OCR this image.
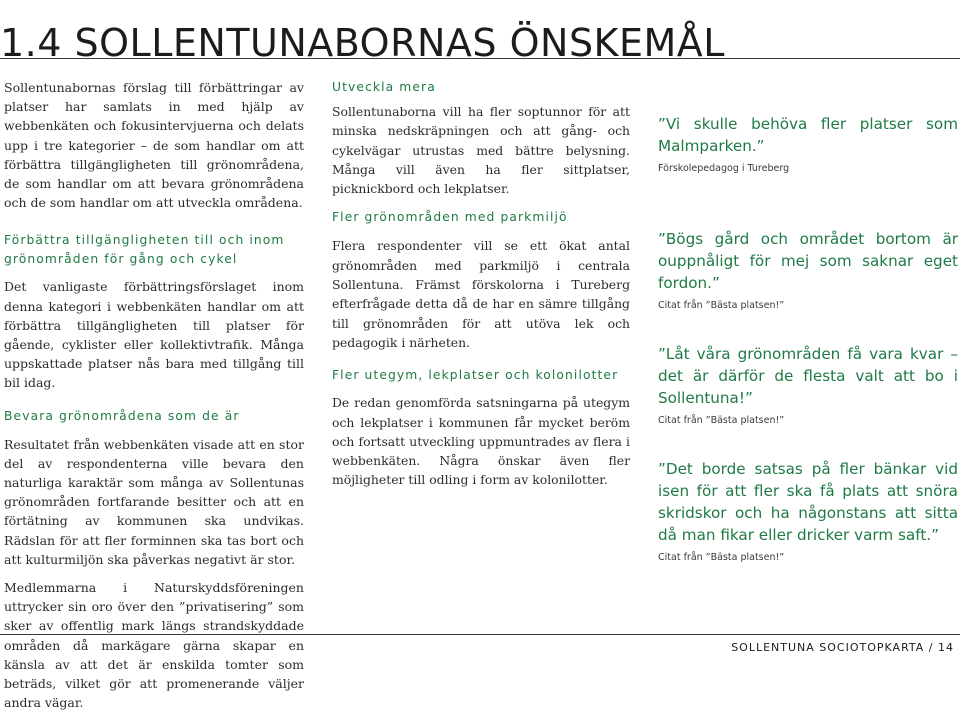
1.4 SOLLENTUNABORNAS ÖNSKEMÅL

Sollentunabornas förslag till förbättringar av platser har samlats in med hjälp av webbenkäten och fokusintervjuerna och delats upp i tre kategorier – de som handlar om att förbättra tillgängligheten till grönområdena, de som handlar om att bevara grönområdena och de som handlar om att utveckla områdena.

Förbättra tillgängligheten till och inom grönområden för gång och cykel

Det vanligaste förbättringsförslaget inom denna kategori i webbenkäten handlar om att förbättra tillgängligheten till platser för gående, cyklister eller kollektivtrafik. Många uppskattade platser nås bara med tillgång till bil idag.

Bevara grönområdena som de är

Resultatet från webbenkäten visade att en stor del av respondenterna ville bevara den naturliga karaktär som många av Sollentunas grönområden fortfarande besitter och att en förtätning av kommunen ska undvikas. Rädslan för att fler forminnen ska tas bort och att kulturmiljön ska påverkas negativt är stor.

Medlemmarna i Naturskyddsföreningen uttrycker sin oro över den ”privatisering” som sker av offentlig mark längs strandskyddade områden då markägare gärna skapar en känsla av att det är enskilda tomter som beträds, vilket gör att promenerande väljer andra vägar.

Utveckla mera

Sollentunaborna vill ha fler soptunnor för att minska nedskräpningen och att gång- och cykelvägar utrustas med bättre belysning. Många vill även ha fler sittplatser, picknickbord och lekplatser.

Fler grönområden med parkmiljö

Flera respondenter vill se ett ökat antal grönområden med parkmiljö i centrala Sollentuna. Främst förskolorna i Tureberg efterfrågade detta då de har en sämre tillgång till grönområden för att utöva lek och pedagogik i närheten.

Fler utegym, lekplatser och kolonilotter

De redan genomförda satsningarna på utegym och lekplatser i kommunen får mycket beröm och fortsatt utveckling uppmuntrades av flera i webbenkäten. Några önskar även fler möjligheter till odling i form av kolonilotter.

”Vi skulle behöva fler platser som Malmparken.”

Förskolepedagog i Tureberg

”Bögs gård och området bortom är ouppnåligt för mej som saknar eget fordon.”

Citat från ”Bästa platsen!”

”Låt våra grönområden få vara kvar – det är därför de flesta valt att bo i Sollentuna!”

Citat från ”Bästa platsen!”

”Det borde satsas på fler bänkar vid isen för att fler ska få plats att snöra skridskor och ha någonstans att sitta då man fikar eller dricker varm saft.”

Citat från ”Bästa platsen!”

SOLLENTUNA SOCIOTOPKARTA / 14
